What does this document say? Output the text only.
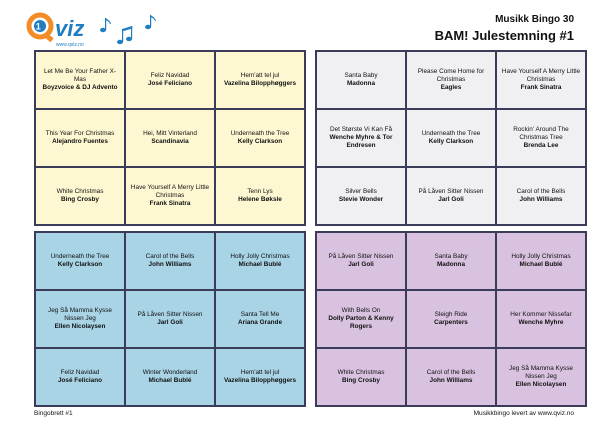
1 viz
www.qviz.no
Musikk Bingo 30
BAM! Julestemning #1
Let Me Be Your Father X-Mas
Boyzvoice & DJ Advento
Feliz Navidad
José Feliciano
Hem'att tel jul
Vazelina Bilopphøggers
This Year For Christmas
Alejandro Fuentes
Hei, Mitt Vinterland
Scandinavia
Underneath the Tree
Kelly Clarkson
White Christmas
Bing Crosby
Have Yourself A Merry Little Christmas
Frank Sinatra
Tenn Lys
Helene Bøksle
Santa Baby
Madonna
Please Come Home for Christmas
Eagles
Have Yourself A Merry Little Christmas
Frank Sinatra
Det Største Vi Kan Få
Wenche Myhre & Tor Endresen
Underneath the Tree
Kelly Clarkson
Rockin' Around The Christmas Tree
Brenda Lee
Silver Bells
Stevie Wonder
På Låven Sitter Nissen
Jarl Goli
Carol of the Bells
John Williams
Underneath the Tree
Kelly Clarkson
Carol of the Bells
John Williams
Holly Jolly Christmas
Michael Bublé
Jeg Så Mamma Kysse Nissen Jeg
Ellen Nicolaysen
På Låven Sitter Nissen
Jarl Goli
Santa Tell Me
Ariana Grande
Feliz Navidad
José Feliciano
Winter Wonderland
Michael Bublé
Hem'att tel jul
Vazelina Bilopphøggers
På Låven Sitter Nissen
Jarl Goli
Santa Baby
Madonna
Holly Jolly Christmas
Michael Bublé
With Bells On
Dolly Parton & Kenny Rogers
Sleigh Ride
Carpenters
Her Kommer Nissefar
Wenche Myhre
White Christmas
Bing Crosby
Carol of the Bells
John Williams
Jeg Så Mamma Kysse Nissen Jeg
Ellen Nicolaysen
Bingobrett #1	Musikkbingo levert av www.qviz.no
